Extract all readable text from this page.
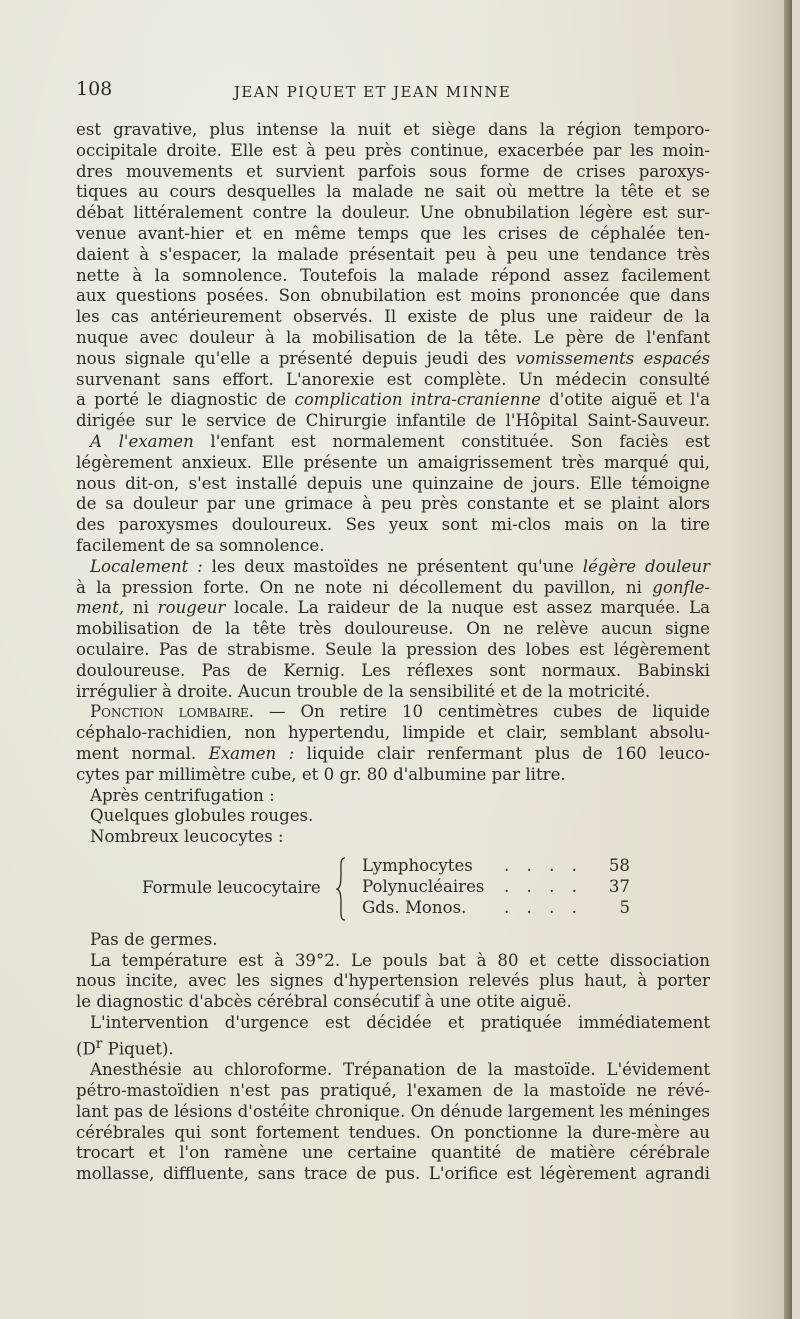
108	JEAN PIQUET ET JEAN MINNE
est gravative, plus intense la nuit et siège dans la région temporo-
occipitale droite. Elle est à peu près continue, exacerbée par les moin-
dres mouvements et survient parfois sous forme de crises paroxys-
tiques au cours desquelles la malade ne sait où mettre la tête et se
débat littéralement contre la douleur. Une obnubilation légère est sur-
venue avant-hier et en même temps que les crises de céphalée ten-
daient à s'espacer, la malade présentait peu à peu une tendance très
nette à la somnolence. Toutefois la malade répond assez facilement
aux questions posées. Son obnubilation est moins prononcée que dans
les cas antérieurement observés. Il existe de plus une raideur de la
nuque avec douleur à la mobilisation de la tête. Le père de l'enfant
nous signale qu'elle a présenté depuis jeudi des vomissements espacés
survenant sans effort. L'anorexie est complète. Un médecin consulté
a porté le diagnostic de complication intra-cranienne d'otite aiguë et l'a
dirigée sur le service de Chirurgie infantile de l'Hôpital Saint-Sauveur.
A l'examen l'enfant est normalement constituée. Son faciès est
légèrement anxieux. Elle présente un amaigrissement très marqué qui,
nous dit-on, s'est installé depuis une quinzaine de jours. Elle témoigne
de sa douleur par une grimace à peu près constante et se plaint alors
des paroxysmes douloureux. Ses yeux sont mi-clos mais on la tire
facilement de sa somnolence.
Localement : les deux mastoïdes ne présentent qu'une légère douleur
à la pression forte. On ne note ni décollement du pavillon, ni gonfle-
ment, ni rougeur locale. La raideur de la nuque est assez marquée. La
mobilisation de la tête très douloureuse. On ne relève aucun signe
oculaire. Pas de strabisme. Seule la pression des lobes est légèrement
douloureuse. Pas de Kernig. Les réflexes sont normaux. Babinski
irrégulier à droite. Aucun trouble de la sensibilité et de la motricité.
Ponction lombaire. — On retire 10 centimètres cubes de liquide
céphalo-rachidien, non hypertendu, limpide et clair, semblant absolu-
ment normal. Examen : liquide clair renfermant plus de 160 leuco-
cytes par millimètre cube, et 0 gr. 80 d'albumine par litre.
Après centrifugation :
Quelques globules rouges.
Nombreux leucocytes :
Formule leucocytaire
Lymphocytes . . . . 58
Polynucléaires . . . . 37
Gds. Monos. . . . . 5
Pas de germes.
La température est à 39°2. Le pouls bat à 80 et cette dissociation
nous incite, avec les signes d'hypertension relevés plus haut, à porter
le diagnostic d'abcès cérébral consécutif à une otite aiguë.
L'intervention d'urgence est décidée et pratiquée immédiatement
($D^r$ Piquet).
Anesthésie au chloroforme. Trépanation de la mastoïde. L'évidement
pétro-mastoïdien n'est pas pratiqué, l'examen de la mastoïde ne révé-
lant pas de lésions d'ostéite chronique. On dénude largement les méninges
cérébrales qui sont fortement tendues. On ponctionne la dure-mère au
trocart et l'on ramène une certaine quantité de matière cérébrale
mollasse, diffluente, sans trace de pus. L'orifice est légèrement agrandi
